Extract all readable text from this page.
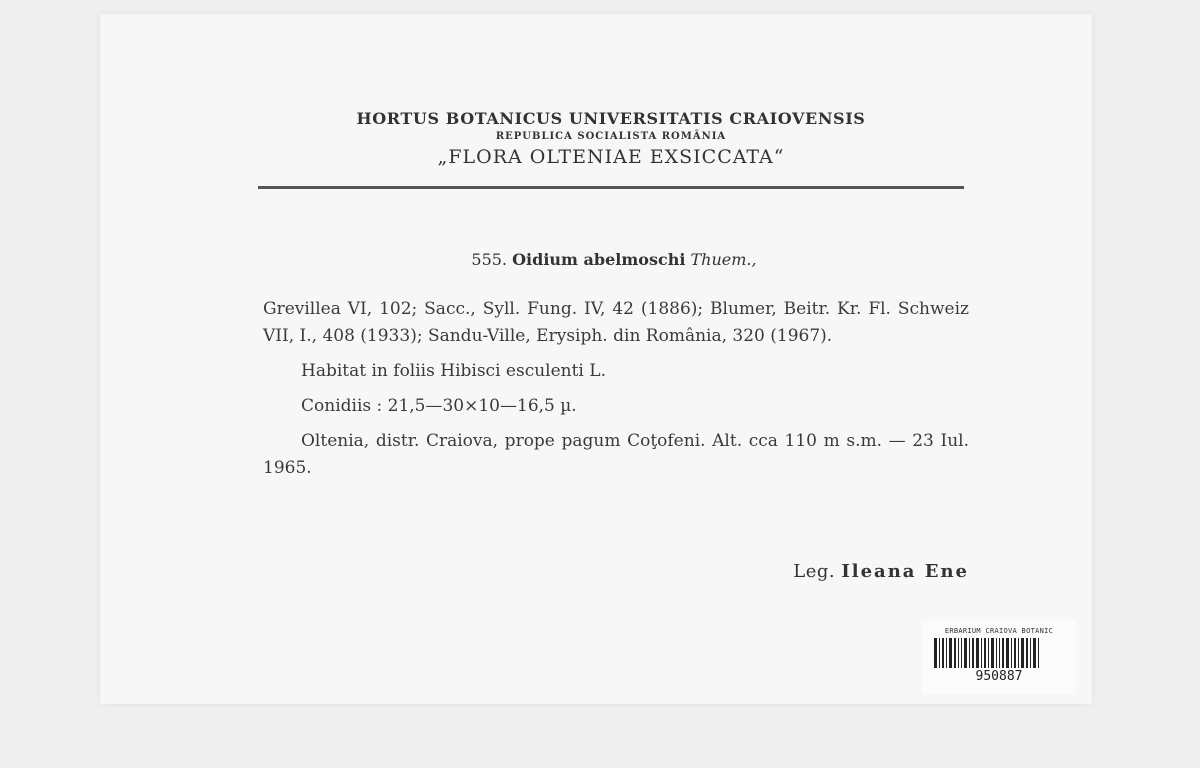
HORTUS BOTANICUS UNIVERSITATIS CRAIOVENSIS
REPUBLICA SOCIALISTA ROMÂNIA
„FLORA OLTENIAE EXSICCATA“
555. Oidium abelmoschi Thuem.,

Grevillea VI, 102; Sacc., Syll. Fung. IV, 42 (1886); Blumer, Beitr. Kr. Fl. Schweiz VII, I., 408 (1933); Sandu-Ville, Erysiph. din România, 320 (1967).

Habitat in foliis Hibisci esculenti L.

Conidiis : 21,5—30×10—16,5 µ.

Oltenia, distr. Craiova, prope pagum Coţofeni. Alt. cca 110 m s.m. — 23 Iul. 1965.

Leg. Ileana Ene
ERBARIUM CRAIOVA BOTANIC
950887
